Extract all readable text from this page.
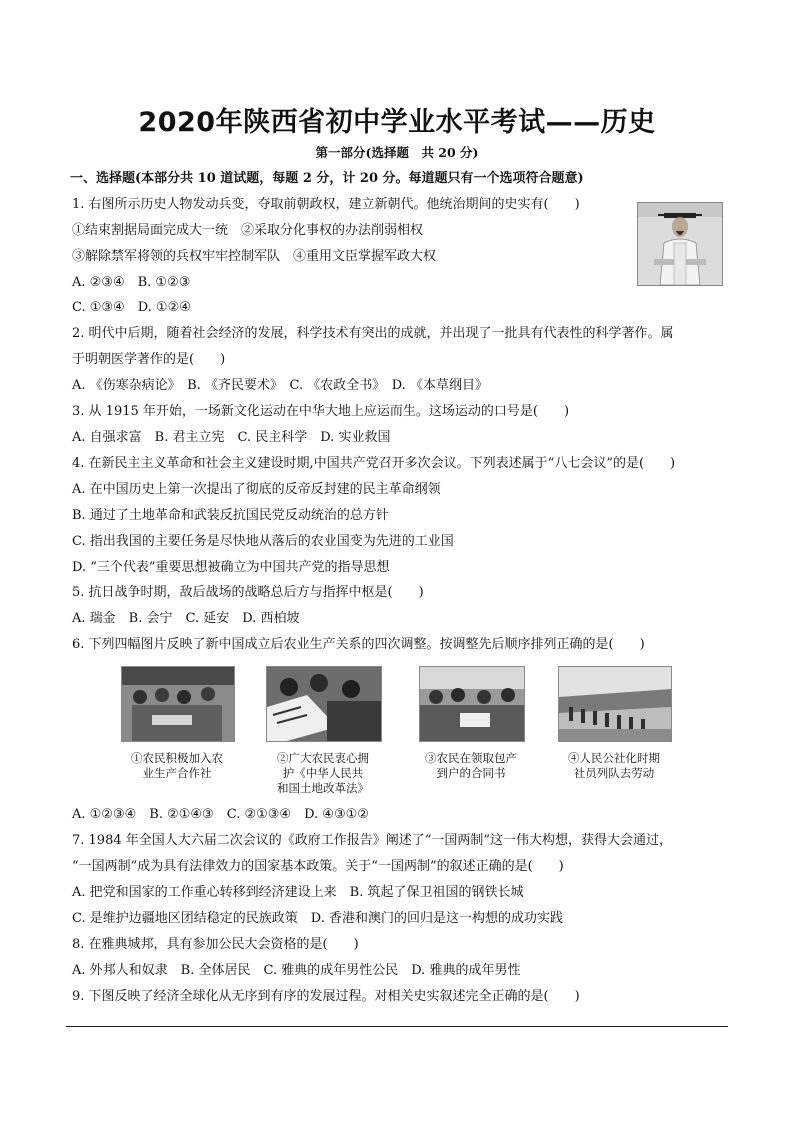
2020年陕西省初中学业水平考试——历史
第一部分(选择题　共 20 分)
一、选择题(本部分共 10 道试题，每题 2 分，计 20 分。每道题只有一个选项符合题意)
1. 右图所示历史人物发动兵变，夺取前朝政权，建立新朝代。他统治期间的史实有(　　)
①结束割据局面完成大一统　②采取分化事权的办法削弱相权
③解除禁军将领的兵权牢牢控制军队　④重用文臣掌握军政大权
A. ②③④　B. ①②③
C. ①③④　D. ①②④
2. 明代中后期，随着社会经济的发展，科学技术有突出的成就，并出现了一批具有代表性的科学著作。属
于明朝医学著作的是(　　)
A. 《伤寒杂病论》　B. 《齐民要术》　C. 《农政全书》　D. 《本草纲目》
3. 从 1915 年开始，一场新文化运动在中华大地上应运而生。这场运动的口号是(　　)
A. 自强求富　B. 君主立宪　C. 民主科学　D. 实业救国
4. 在新民主主义革命和社会主义建设时期,中国共产党召开多次会议。下列表述属于“八七会议”的是(　　)
A. 在中国历史上第一次提出了彻底的反帝反封建的民主革命纲领
B. 通过了土地革命和武装反抗国民党反动统治的总方针
C. 指出我国的主要任务是尽快地从落后的农业国变为先进的工业国
D. “三个代表”重要思想被确立为中国共产党的指导思想
5. 抗日战争时期，敌后战场的战略总后方与指挥中枢是(　　)
A. 瑞金　B. 会宁　C. 延安　D. 西柏坡
6. 下列四幅图片反映了新中国成立后农业生产关系的四次调整。按调整先后顺序排列正确的是(　　)
A. ①②③④　B. ②①④③　C. ②①③④　D. ④③①②
7. 1984 年全国人大六届二次会议的《政府工作报告》阐述了“一国两制”这一伟大构想，获得大会通过，
“一国两制”成为具有法律效力的国家基本政策。关于“一国两制”的叙述正确的是(　　)
A. 把党和国家的工作重心转移到经济建设上来　B. 筑起了保卫祖国的钢铁长城
C. 是维护边疆地区团结稳定的民族政策　D. 香港和澳门的回归是这一构想的成功实践
8. 在雅典城邦，具有参加公民大会资格的是(　　)
A. 外邦人和奴隶　B. 全体居民　C. 雅典的成年男性公民　D. 雅典的成年男性
9. 下图反映了经济全球化从无序到有序的发展过程。对相关史实叙述完全正确的是(　　)
①农民积极加入农
业生产合作社
②广大农民衷心拥
护《中华人民共
和国土地改革法》
③农民在领取包产
到户的合同书
④人民公社化时期
社员列队去劳动
